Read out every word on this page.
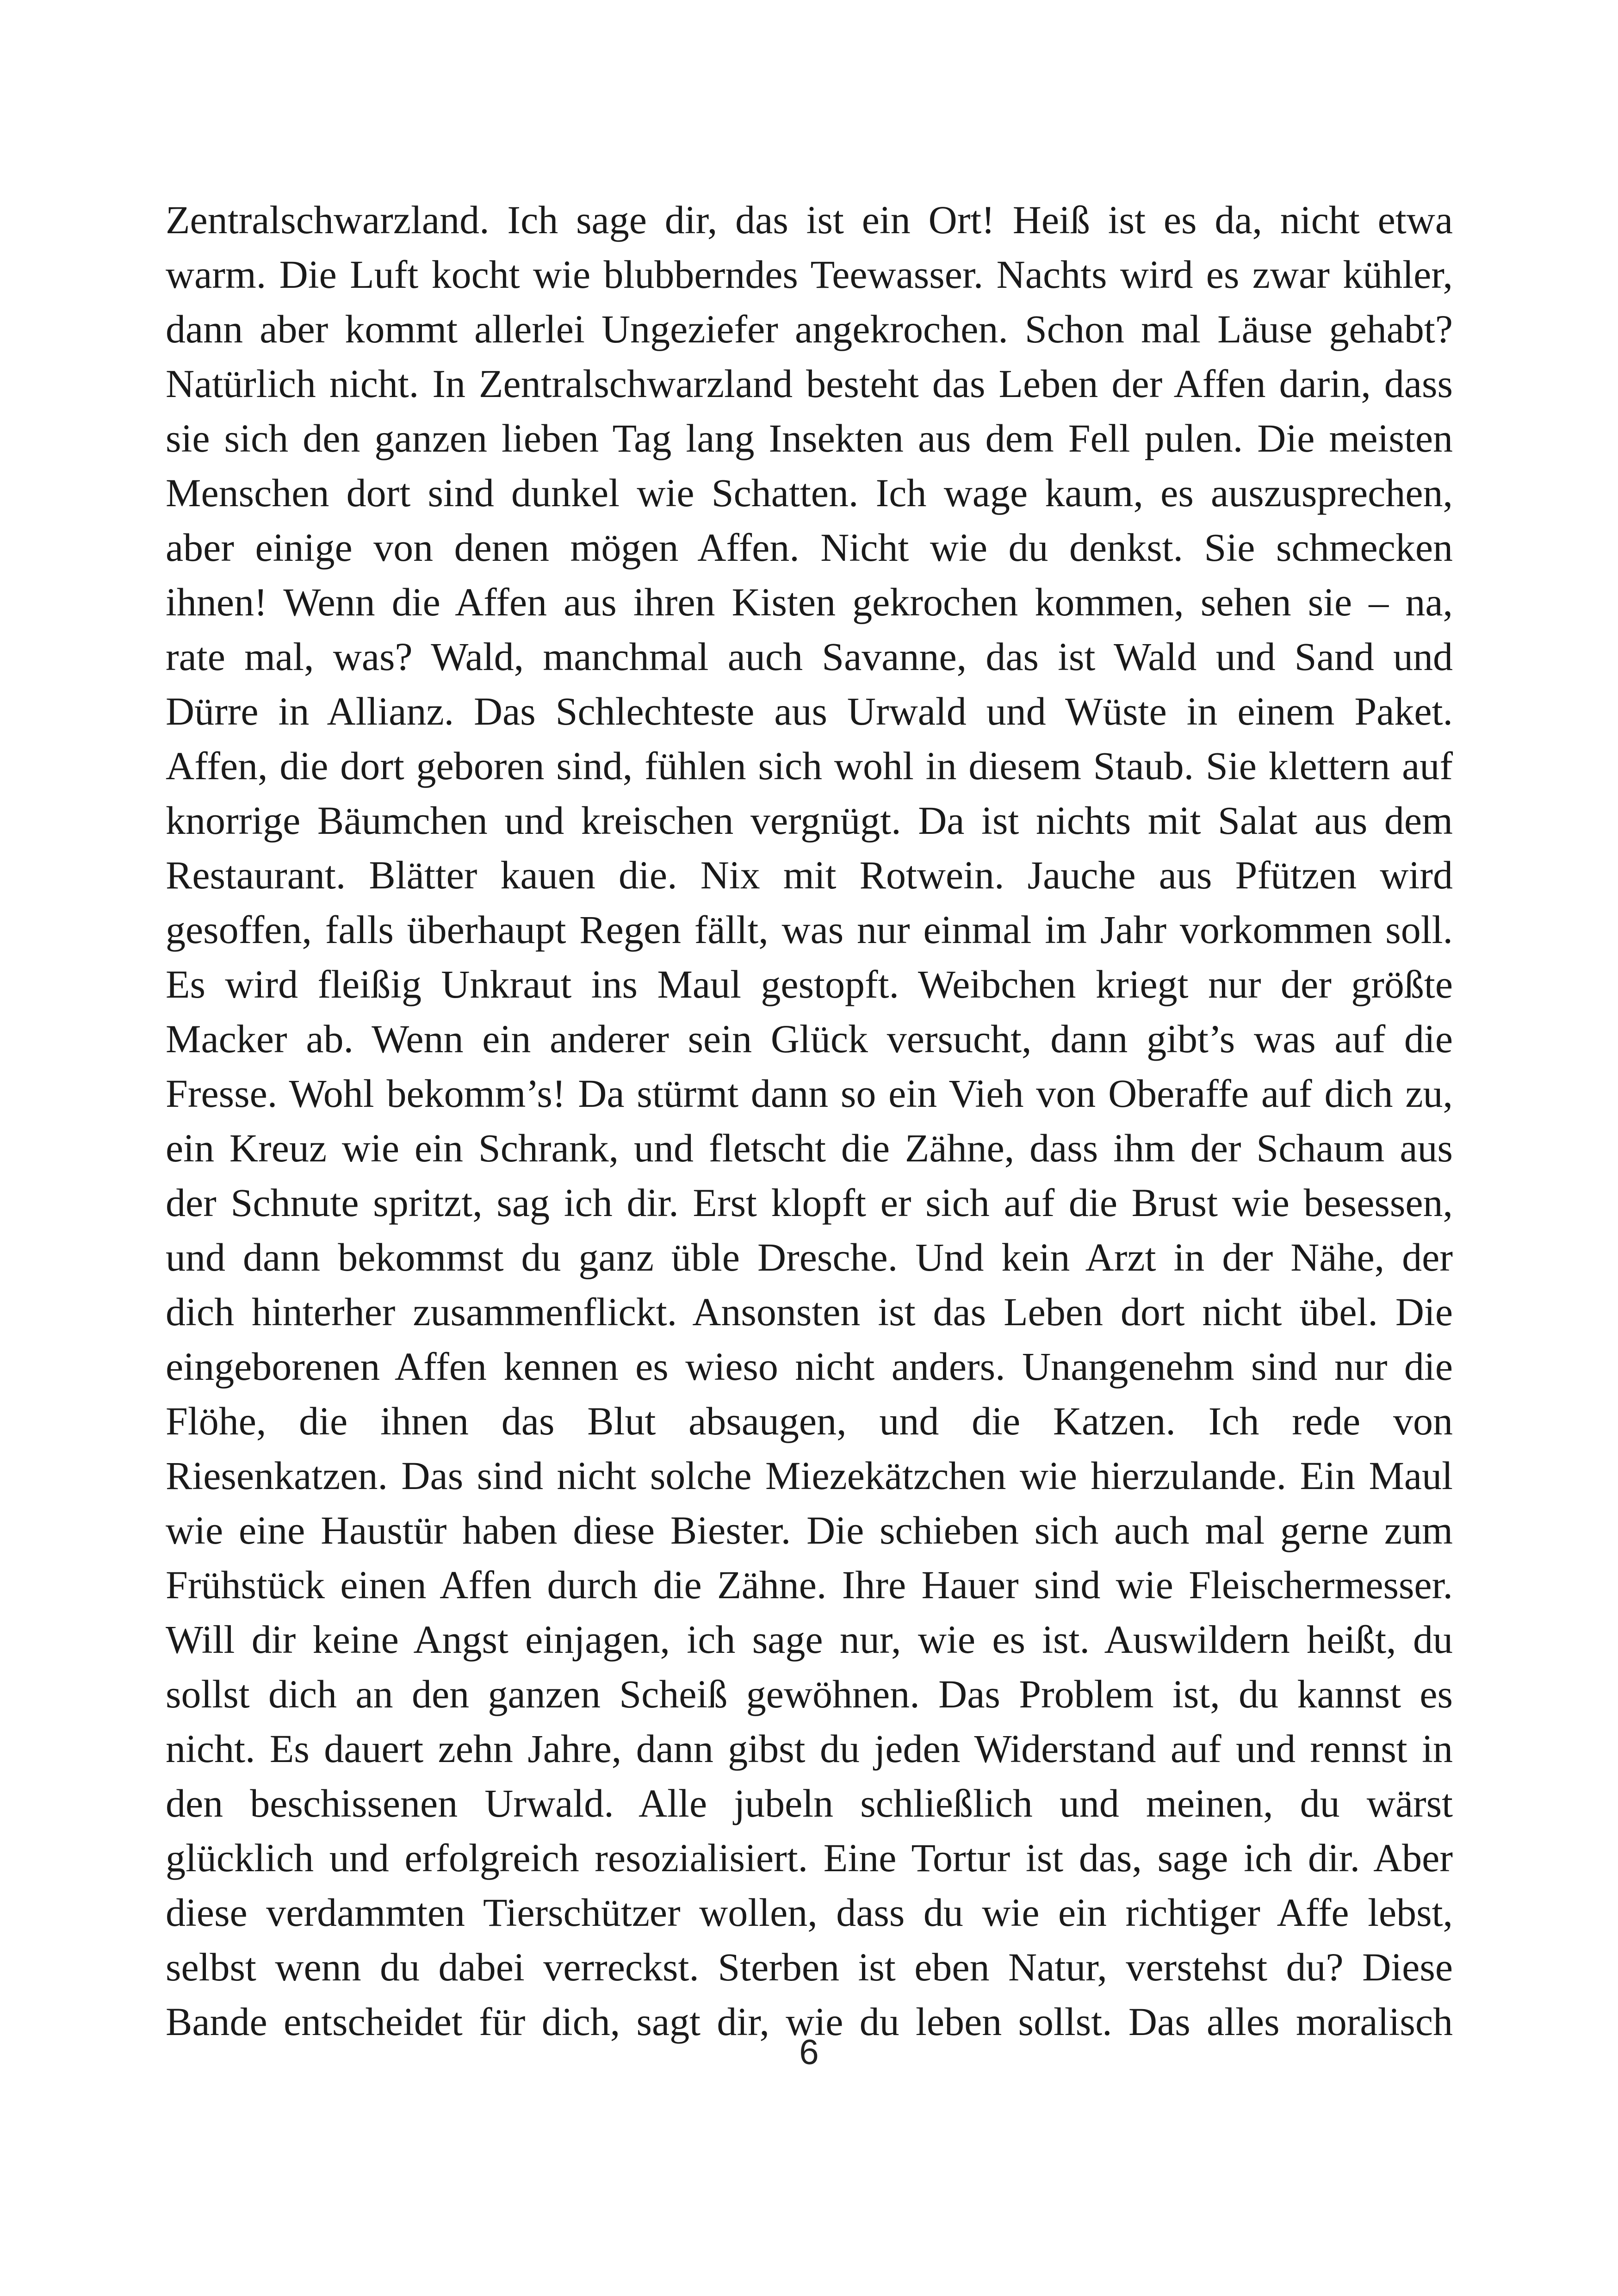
Zentralschwarzland. Ich sage dir, das ist ein Ort! Heiß ist es da, nicht etwa
warm. Die Luft kocht wie blubberndes Teewasser. Nachts wird es zwar kühler,
dann aber kommt allerlei Ungeziefer angekrochen. Schon mal Läuse gehabt?
Natürlich nicht. In Zentralschwarzland besteht das Leben der Affen darin, dass
sie sich den ganzen lieben Tag lang Insekten aus dem Fell pulen. Die meisten
Menschen dort sind dunkel wie Schatten. Ich wage kaum, es auszusprechen,
aber einige von denen mögen Affen. Nicht wie du denkst. Sie schmecken
ihnen! Wenn die Affen aus ihren Kisten gekrochen kommen, sehen sie – na,
rate mal, was? Wald, manchmal auch Savanne, das ist Wald und Sand und
Dürre in Allianz. Das Schlechteste aus Urwald und Wüste in einem Paket.
Affen, die dort geboren sind, fühlen sich wohl in diesem Staub. Sie klettern auf
knorrige Bäumchen und kreischen vergnügt. Da ist nichts mit Salat aus dem
Restaurant. Blätter kauen die. Nix mit Rotwein. Jauche aus Pfützen wird
gesoffen, falls überhaupt Regen fällt, was nur einmal im Jahr vorkommen soll.
Es wird fleißig Unkraut ins Maul gestopft. Weibchen kriegt nur der größte
Macker ab. Wenn ein anderer sein Glück versucht, dann gibt’s was auf die
Fresse. Wohl bekomm’s! Da stürmt dann so ein Vieh von Oberaffe auf dich zu,
ein Kreuz wie ein Schrank, und fletscht die Zähne, dass ihm der Schaum aus
der Schnute spritzt, sag ich dir. Erst klopft er sich auf die Brust wie besessen,
und dann bekommst du ganz üble Dresche. Und kein Arzt in der Nähe, der
dich hinterher zusammenflickt. Ansonsten ist das Leben dort nicht übel. Die
eingeborenen Affen kennen es wieso nicht anders. Unangenehm sind nur die
Flöhe, die ihnen das Blut absaugen, und die Katzen. Ich rede von
Riesenkatzen. Das sind nicht solche Miezekätzchen wie hierzulande. Ein Maul
wie eine Haustür haben diese Biester. Die schieben sich auch mal gerne zum
Frühstück einen Affen durch die Zähne. Ihre Hauer sind wie Fleischermesser.
Will dir keine Angst einjagen, ich sage nur, wie es ist. Auswildern heißt, du
sollst dich an den ganzen Scheiß gewöhnen. Das Problem ist, du kannst es
nicht. Es dauert zehn Jahre, dann gibst du jeden Widerstand auf und rennst in
den beschissenen Urwald. Alle jubeln schließlich und meinen, du wärst
glücklich und erfolgreich resozialisiert. Eine Tortur ist das, sage ich dir. Aber
diese verdammten Tierschützer wollen, dass du wie ein richtiger Affe lebst,
selbst wenn du dabei verreckst. Sterben ist eben Natur, verstehst du? Diese
Bande entscheidet für dich, sagt dir, wie du leben sollst. Das alles moralisch
6
